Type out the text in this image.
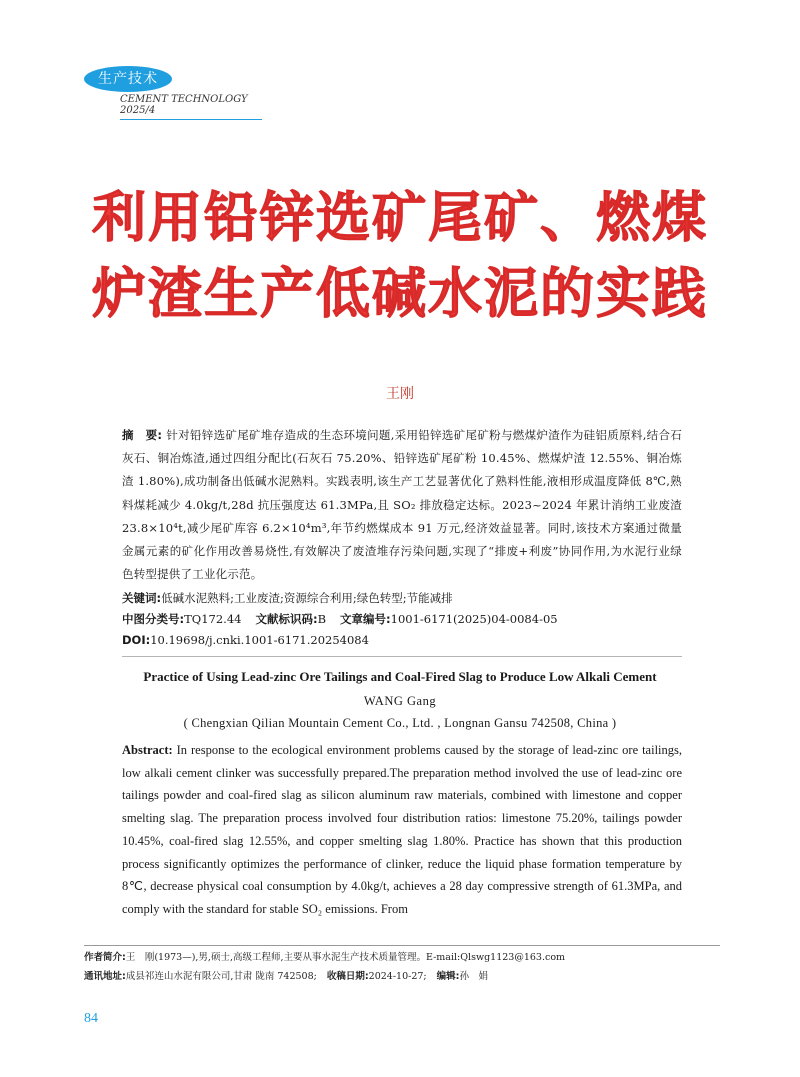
生产技术
CEMENT TECHNOLOGY 2025/4
利用铅锌选矿尾矿、燃煤
炉渣生产低碱水泥的实践
王刚
摘　要: 针对铅锌选矿尾矿堆存造成的生态环境问题,采用铅锌选矿尾矿粉与燃煤炉渣作为硅铝质原料,结合石灰石、铜冶炼渣,通过四组分配比(石灰石 75.20%、铅锌选矿尾矿粉 10.45%、燃煤炉渣 12.55%、铜冶炼渣 1.80%),成功制备出低碱水泥熟料。实践表明,该生产工艺显著优化了熟料性能,液相形成温度降低 8℃,熟料煤耗减少 4.0kg/t,28d 抗压强度达 61.3MPa,且 SO₂ 排放稳定达标。2023~2024 年累计消纳工业废渣 23.8×10⁴t,减少尾矿库容 6.2×10⁴m³,年节约燃煤成本 91 万元,经济效益显著。同时,该技术方案通过微量金属元素的矿化作用改善易烧性,有效解决了废渣堆存污染问题,实现了“排废+利废”协同作用,为水泥行业绿色转型提供了工业化示范。
关键词:低碱水泥熟料;工业废渣;资源综合利用;绿色转型;节能减排
中图分类号:TQ172.44 文献标识码:B 文章编号:1001-6171(2025)04-0084-05
DOI:10.19698/j.cnki.1001-6171.20254084
Practice of Using Lead-zinc Ore Tailings and Coal-Fired Slag to Produce Low Alkali Cement
WANG Gang
( Chengxian Qilian Mountain Cement Co., Ltd. , Longnan Gansu 742508, China )
Abstract: In response to the ecological environment problems caused by the storage of lead-zinc ore tailings, low alkali cement clinker was successfully prepared.The preparation method involved the use of lead-zinc ore tailings powder and coal-fired slag as silicon aluminum raw materials, combined with limestone and copper smelting slag. The preparation process involved four distribution ratios: limestone 75.20%, tailings powder 10.45%, coal-fired slag 12.55%, and copper smelting slag 1.80%. Practice has shown that this production process significantly optimizes the performance of clinker, reduce the liquid phase formation temperature by 8℃, decrease physical coal consumption by 4.0kg/t, achieves a 28 day compressive strength of 61.3MPa, and comply with the standard for stable SO₂ emissions. From
作者简介:王　刚(1973—),男,硕士,高级工程师,主要从事水泥生产技术质量管理。E-mail:Qlswg1123@163.com
通讯地址:成县祁连山水泥有限公司,甘肃 陇南 742508; 收稿日期:2024-10-27; 编辑:孙　娟
84
